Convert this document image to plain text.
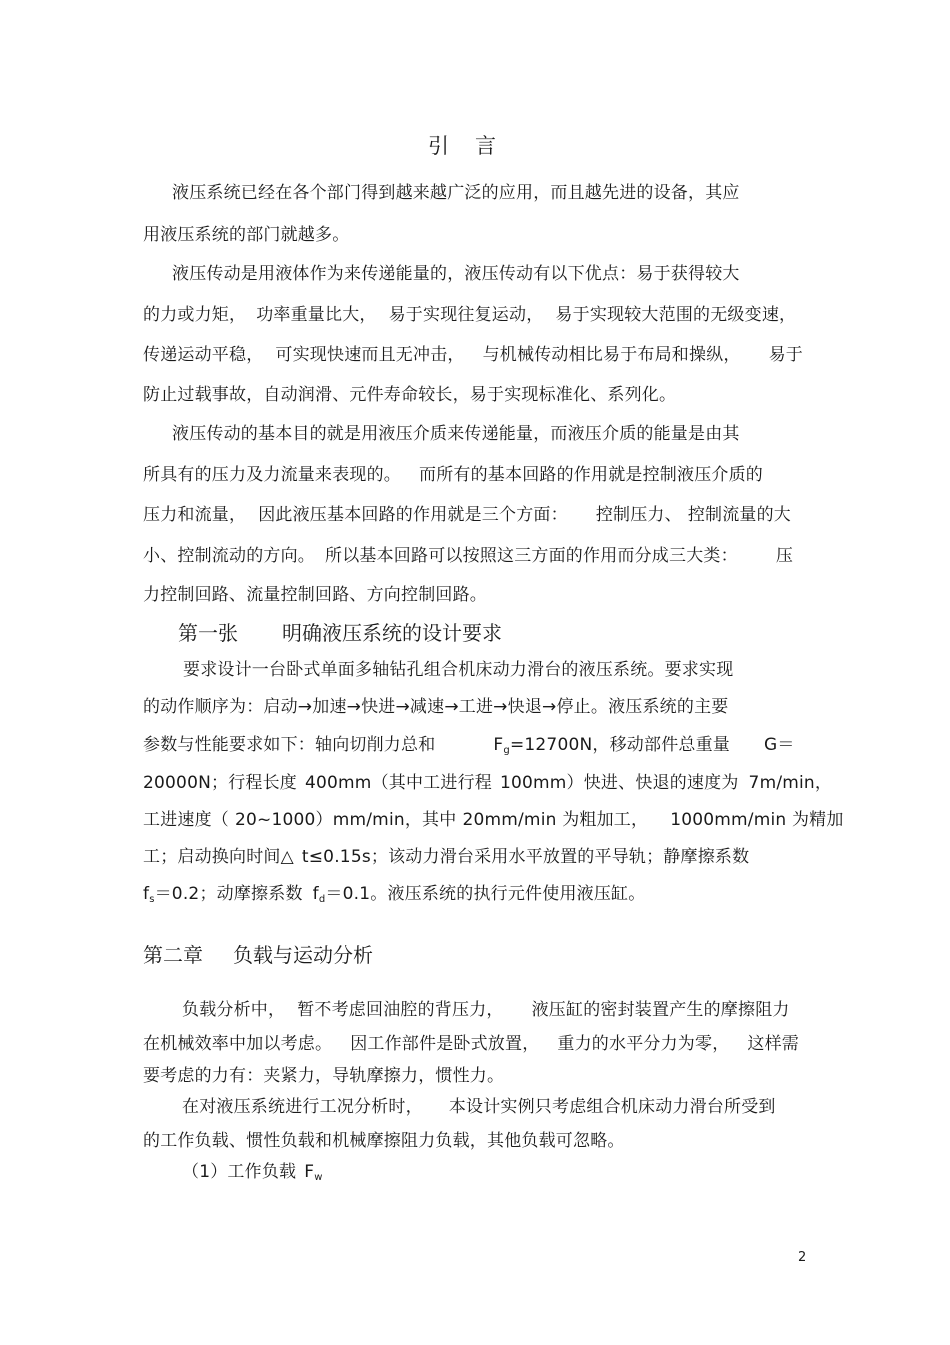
引言
液压系统已经在各个部门得到越来越广泛的应用，而且越先进的设备，其应
用液压系统的部门就越多。
液压传动是用液体作为来传递能量的，液压传动有以下优点：易于获得较大
的力或力矩， 功率重量比大， 易于实现往复运动， 易于实现较大范围的无级变速，
传递运动平稳， 可实现快速而且无冲击， 与机械传动相比易于布局和操纵， 易于
防止过载事故，自动润滑、元件寿命较长，易于实现标准化、系列化。
液压传动的基本目的就是用液压介质来传递能量，而液压介质的能量是由其
所具有的压力及力流量来表现的。 而所有的基本回路的作用就是控制液压介质的
压力和流量， 因此液压基本回路的作用就是三个方面： 控制压力、 控制流量的大
小、控制流动的方向。 所以基本回路可以按照这三方面的作用而分成三大类： 压
力控制回路、流量控制回路、方向控制回路。
第一张 明确液压系统的设计要求
要求设计一台卧式单面多轴钻孔组合机床动力滑台的液压系统。要求实现
的动作顺序为：启动→加速→快进→减速→工进→快退→停止。液压系统的主要
参数与性能要求如下：轴向切削力总和	$F_g=12700N$，移动部件总重量 G＝
20000N；行程长度 400mm（其中工进行程 100mm）快进、快退的速度为 7m/min，
工进速度（ 20~1000）mm/min，其中 20mm/min 为粗加工， 1000mm/min 为精加
工；启动换向时间△ t≤0.15s；该动力滑台采用水平放置的平导轨；静摩擦系数
$f_s=0.2$；动摩擦系数 $f_d=0.1$。液压系统的执行元件使用液压缸。
第二章 负载与运动分析
负载分析中， 暂不考虑回油腔的背压力， 液压缸的密封装置产生的摩擦阻力
在机械效率中加以考虑。 因工作部件是卧式放置， 重力的水平分力为零， 这样需
要考虑的力有：夹紧力，导轨摩擦力，惯性力。
在对液压系统进行工况分析时， 本设计实例只考虑组合机床动力滑台所受到
的工作负载、惯性负载和机械摩擦阻力负载，其他负载可忽略。
（1）工作负载 $F_w$
2
